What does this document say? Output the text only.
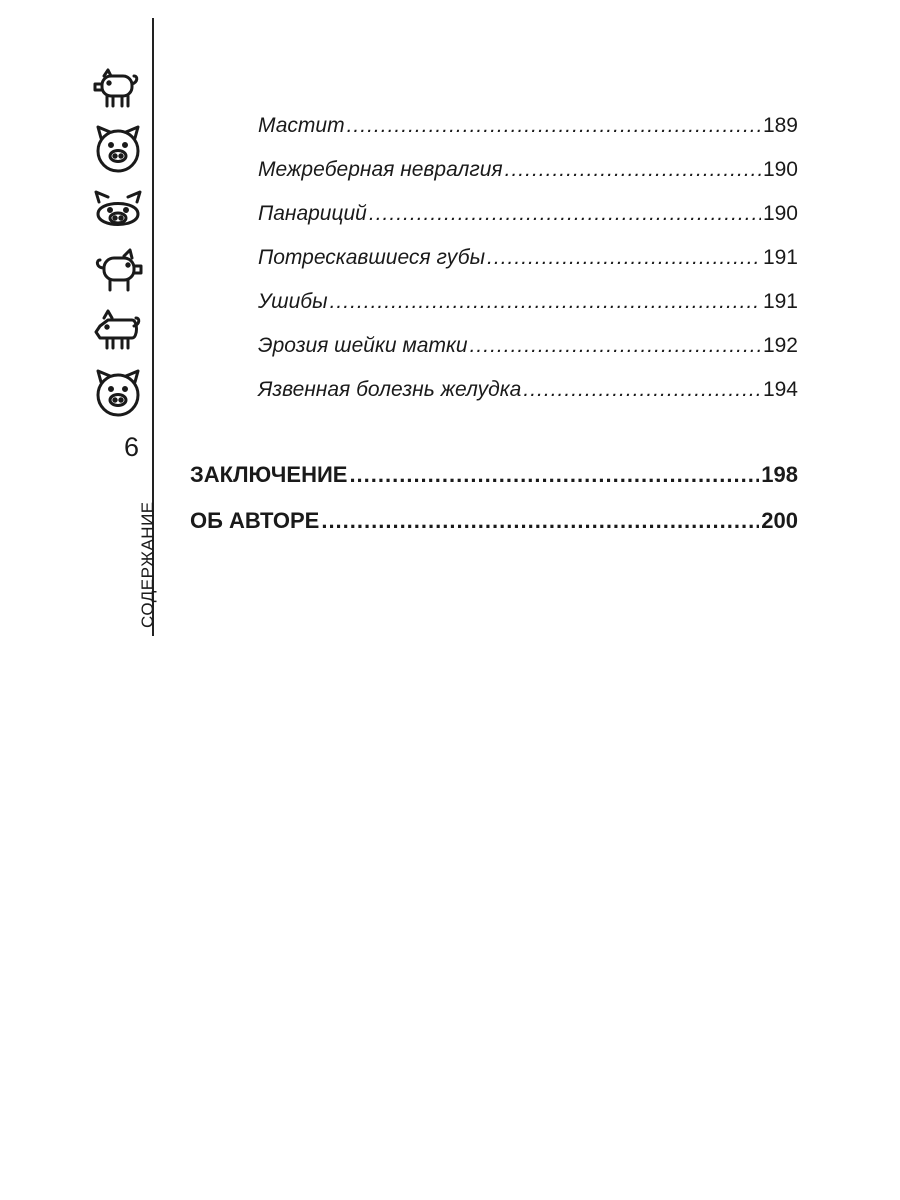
6
СОДЕРЖАНИЕ
Мастит .....	189
Межреберная невралгия .....	190
Панариций .....	190
Потрескавшиеся губы .....	191
Ушибы .....	191
Эрозия шейки матки .....	192
Язвенная болезнь желудка .....	194
ЗАКЛЮЧЕНИЕ .....	198
ОБ АВТОРЕ .....	200
